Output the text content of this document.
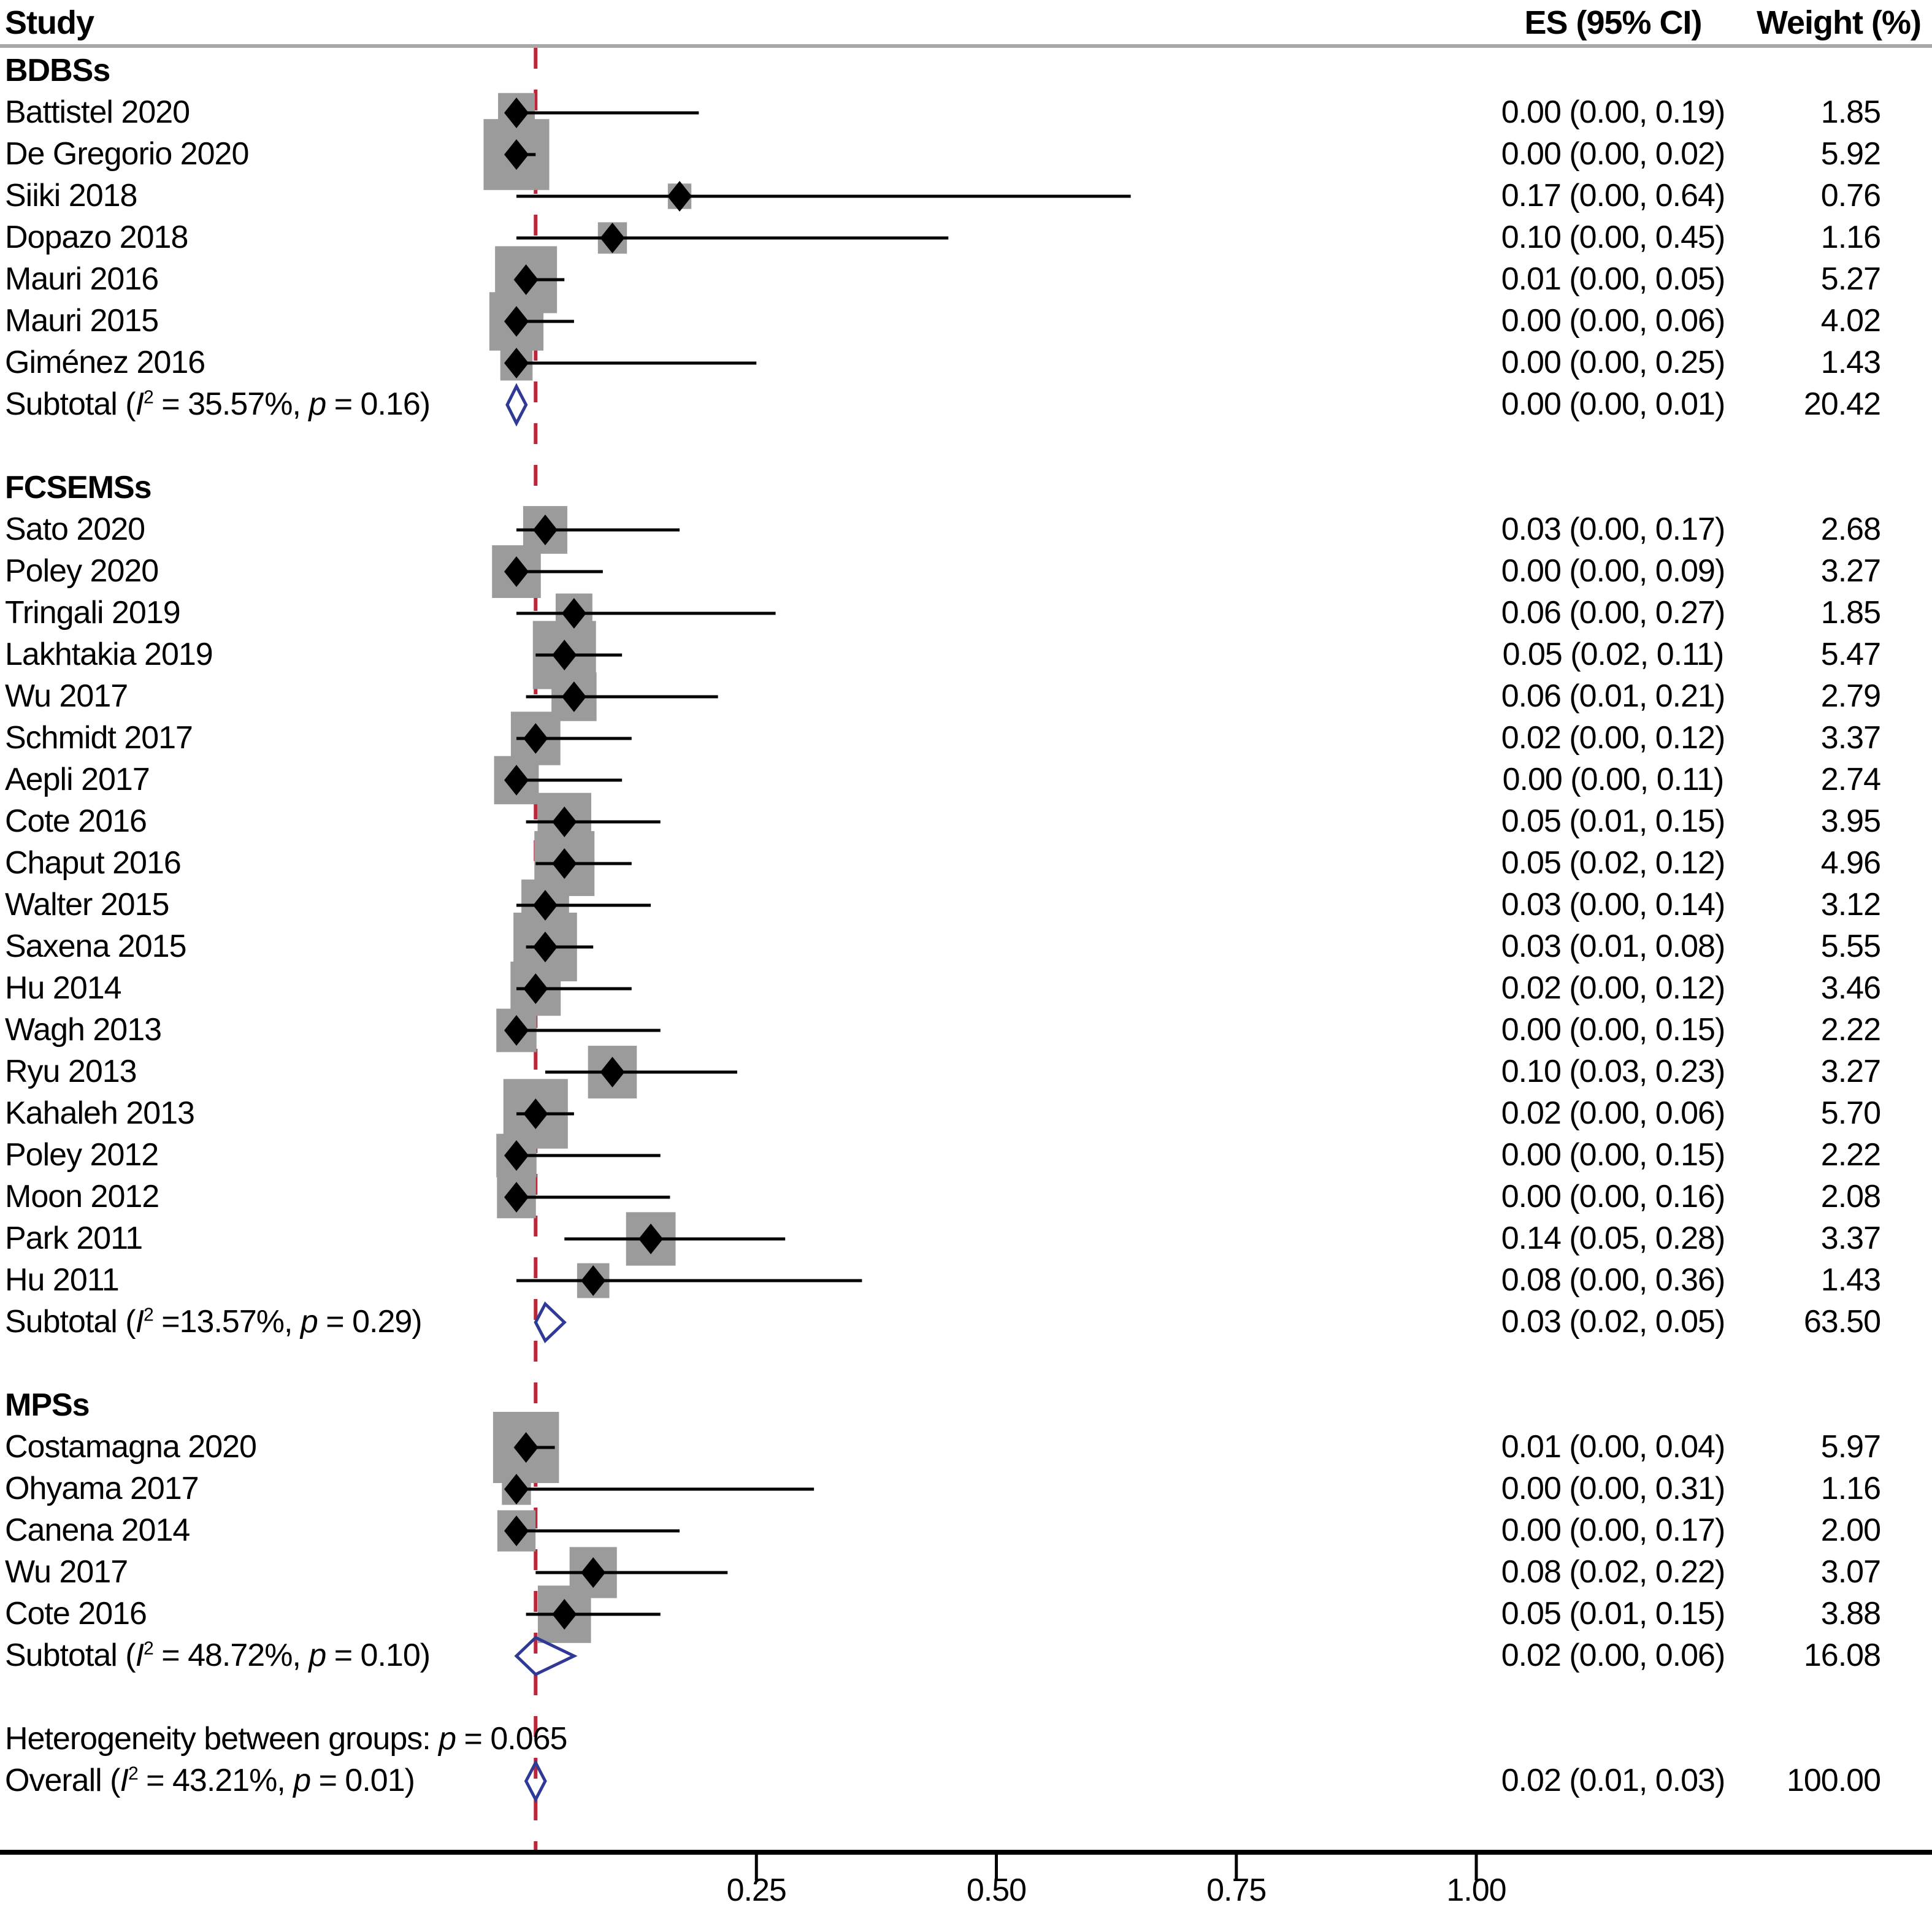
Study	ES (95% CI)	Weight (%)
BDBSs
Battistel 2020	0.00 (0.00, 0.19)	1.85
De Gregorio 2020	0.00 (0.00, 0.02)	5.92
Siiki 2018	0.17 (0.00, 0.64)	0.76
Dopazo 2018	0.10 (0.00, 0.45)	1.16
Mauri 2016	0.01 (0.00, 0.05)	5.27
Mauri 2015	0.00 (0.00, 0.06)	4.02
Giménez 2016	0.00 (0.00, 0.25)	1.43
Subtotal ($I^2 = 35.57\%$, p = 0.16)	0.00 (0.00, 0.01)	20.42
FCSEMSs
Sato 2020	0.03 (0.00, 0.17)	2.68
Poley 2020	0.00 (0.00, 0.09)	3.27
Tringali 2019	0.06 (0.00, 0.27)	1.85
Lakhtakia 2019	0.05 (0.02, 0.11)	5.47
Wu 2017	0.06 (0.01, 0.21)	2.79
Schmidt 2017	0.02 (0.00, 0.12)	3.37
Aepli 2017	0.00 (0.00, 0.11)	2.74
Cote 2016	0.05 (0.01, 0.15)	3.95
Chaput 2016	0.05 (0.02, 0.12)	4.96
Walter 2015	0.03 (0.00, 0.14)	3.12
Saxena 2015	0.03 (0.01, 0.08)	5.55
Hu 2014	0.02 (0.00, 0.12)	3.46
Wagh 2013	0.00 (0.00, 0.15)	2.22
Ryu 2013	0.10 (0.03, 0.23)	3.27
Kahaleh 2013	0.02 (0.00, 0.06)	5.70
Poley 2012	0.00 (0.00, 0.15)	2.22
Moon 2012	0.00 (0.00, 0.16)	2.08
Park 2011	0.14 (0.05, 0.28)	3.37
Hu 2011	0.08 (0.00, 0.36)	1.43
Subtotal ($I^2 =13.57\%$, p = 0.29)	0.03 (0.02, 0.05)	63.50
MPSs
Costamagna 2020	0.01 (0.00, 0.04)	5.97
Ohyama 2017	0.00 (0.00, 0.31)	1.16
Canena 2014	0.00 (0.00, 0.17)	2.00
Wu 2017	0.08 (0.02, 0.22)	3.07
Cote 2016	0.05 (0.01, 0.15)	3.88
Subtotal ($I^2 = 48.72\%$, p = 0.10)	0.02 (0.00, 0.06)	16.08
Heterogeneity between groups: p = 0.065
Overall ($I^2 = 43.21\%$, p = 0.01)	0.02 (0.01, 0.03)	100.00
0.25	0.50	0.75	1.00
